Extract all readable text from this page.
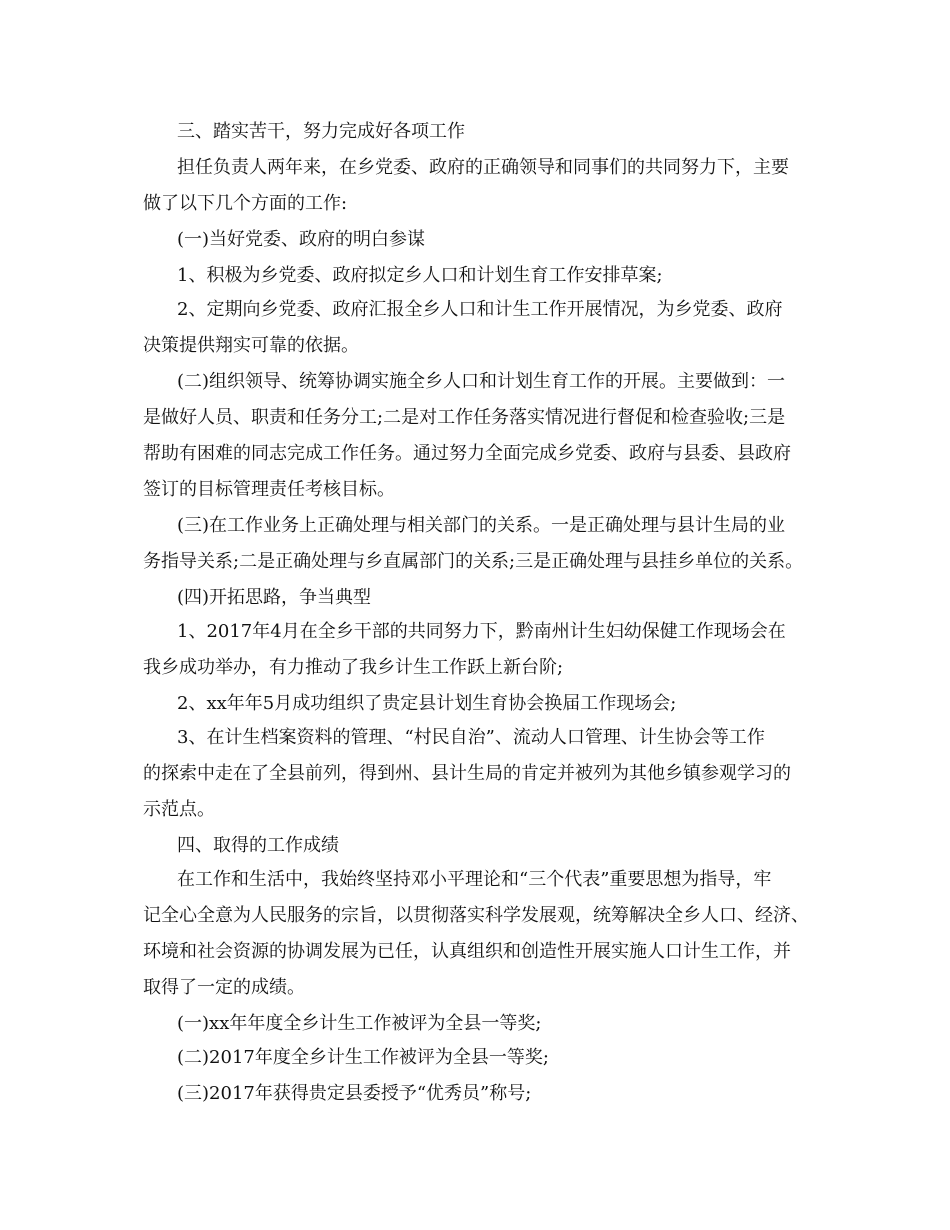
三、踏实苦干，努力完成好各项工作

担任负责人两年来，在乡党委、政府的正确领导和同事们的共同努力下，主要

做了以下几个方面的工作:

(一)当好党委、政府的明白参谋

1、积极为乡党委、政府拟定乡人口和计划生育工作安排草案;

2、定期向乡党委、政府汇报全乡人口和计生工作开展情况，为乡党委、政府

决策提供翔实可靠的依据。

(二)组织领导、统筹协调实施全乡人口和计划生育工作的开展。主要做到：一

是做好人员、职责和任务分工;二是对工作任务落实情况进行督促和检查验收;三是

帮助有困难的同志完成工作任务。通过努力全面完成乡党委、政府与县委、县政府

签订的目标管理责任考核目标。

(三)在工作业务上正确处理与相关部门的关系。一是正确处理与县计生局的业

务指导关系;二是正确处理与乡直属部门的关系;三是正确处理与县挂乡单位的关系。

(四)开拓思路，争当典型

1、2017年4月在全乡干部的共同努力下，黔南州计生妇幼保健工作现场会在

我乡成功举办，有力推动了我乡计生工作跃上新台阶;

2、xx年年5月成功组织了贵定县计划生育协会换届工作现场会;

3、在计生档案资料的管理、“村民自治”、流动人口管理、计生协会等工作

的探索中走在了全县前列，得到州、县计生局的肯定并被列为其他乡镇参观学习的

示范点。

四、取得的工作成绩

在工作和生活中，我始终坚持邓小平理论和“三个代表”重要思想为指导，牢

记全心全意为人民服务的宗旨，以贯彻落实科学发展观，统筹解决全乡人口、经济、

环境和社会资源的协调发展为已任，认真组织和创造性开展实施人口计生工作，并

取得了一定的成绩。

(一)xx年年度全乡计生工作被评为全县一等奖;

(二)2017年度全乡计生工作被评为全县一等奖;

(三)2017年获得贵定县委授予“优秀员”称号;
